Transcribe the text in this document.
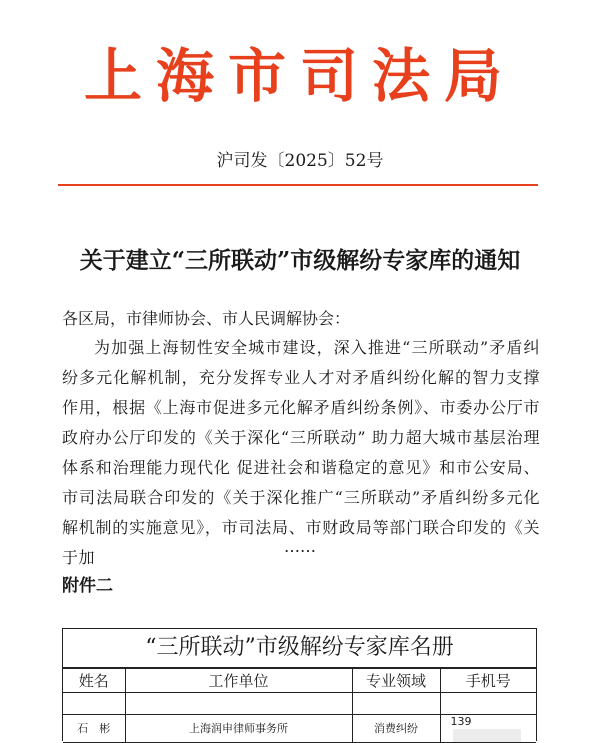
上海市司法局
沪司发〔2025〕52号
关于建立“三所联动”市级解纷专家库的通知
各区局，市律师协会、市人民调解协会：
为加强上海韧性安全城市建设，深入推进“三所联动”矛盾纠纷多元化解机制，充分发挥专业人才对矛盾纠纷化解的智力支撑作用，根据《上海市促进多元化解矛盾纠纷条例》、市委办公厅市政府办公厅印发的《关于深化“三所联动” 助力超大城市基层治理体系和治理能力现代化 促进社会和谐稳定的意见》和市公安局、市司法局联合印发的《关于深化推广“三所联动”矛盾纠纷多元化解机制的实施意见》，市司法局、市财政局等部门联合印发的《关于加
……
附件二
“三所联动”市级解纷专家库名册
姓名	工作单位	专业领域	手机号

石　彬	上海润申律师事务所	消费纠纷	139
